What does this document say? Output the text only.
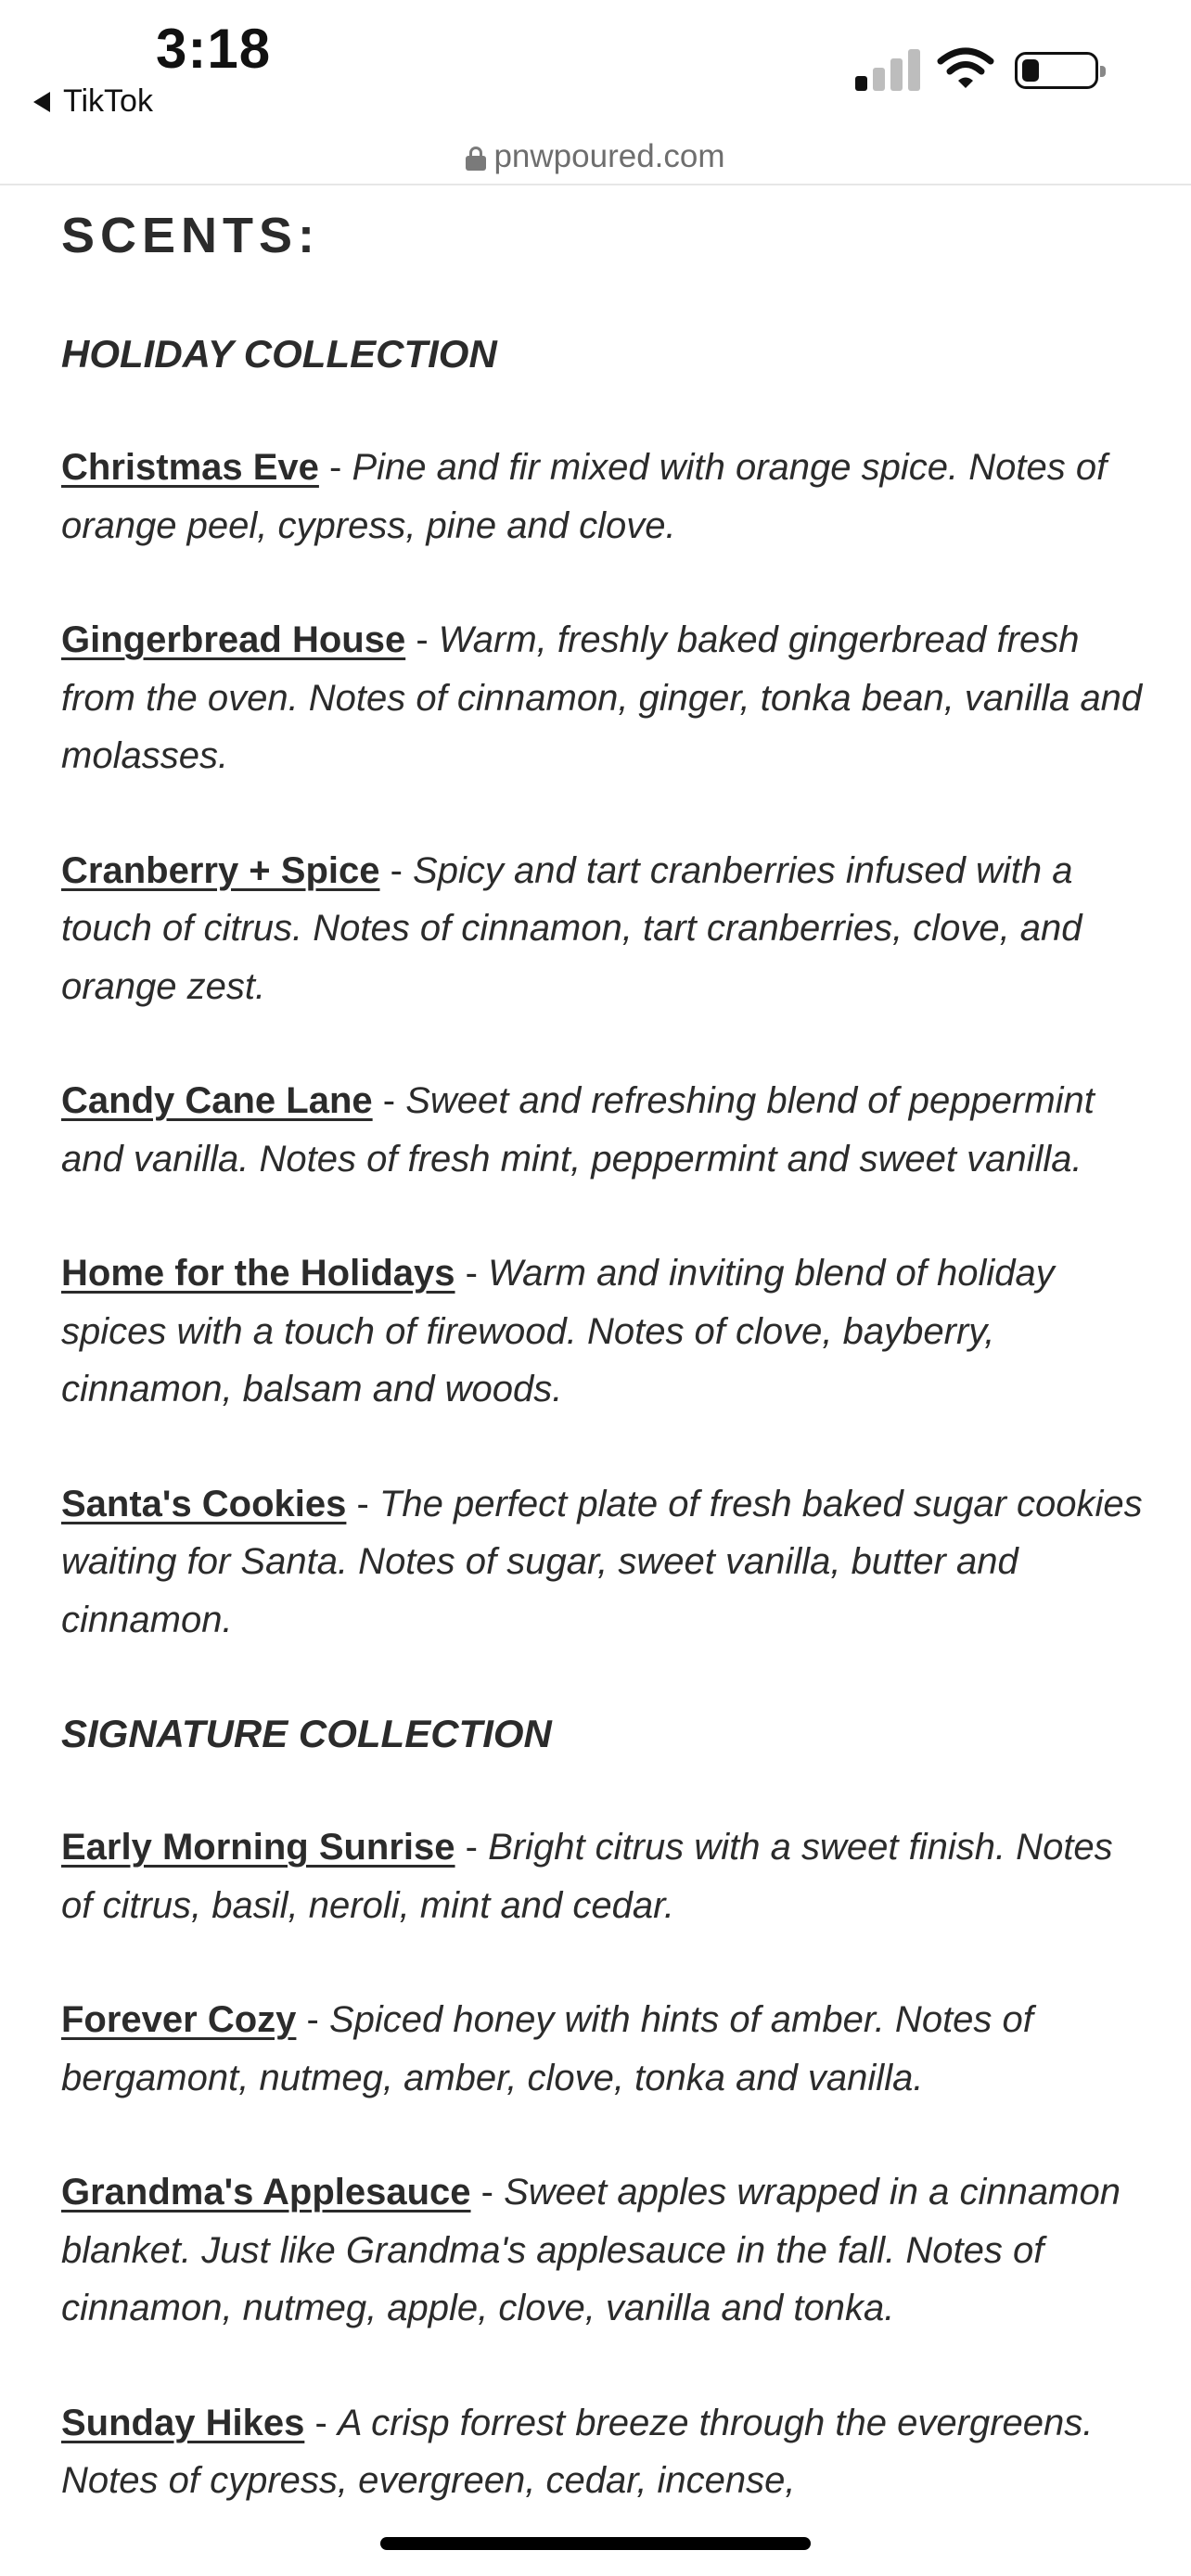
3:18
TikTok
pnwpoured.com
SCENTS:
HOLIDAY COLLECTION
Christmas Eve - Pine and fir mixed with orange spice. Notes of orange peel, cypress, pine and clove.
Gingerbread House - Warm, freshly baked gingerbread fresh from the oven. Notes of cinnamon, ginger, tonka bean, vanilla and molasses.
Cranberry + Spice - Spicy and tart cranberries infused with a touch of citrus. Notes of cinnamon, tart cranberries, clove, and orange zest.
Candy Cane Lane - Sweet and refreshing blend of peppermint and vanilla. Notes of fresh mint, peppermint and sweet vanilla.
Home for the Holidays - Warm and inviting blend of holiday spices with a touch of firewood. Notes of clove, bayberry, cinnamon, balsam and woods.
Santa's Cookies - The perfect plate of fresh baked sugar cookies waiting for Santa. Notes of sugar, sweet vanilla, butter and cinnamon.
SIGNATURE COLLECTION
Early Morning Sunrise - Bright citrus with a sweet finish. Notes of citrus, basil, neroli, mint and cedar.
Forever Cozy - Spiced honey with hints of amber. Notes of bergamont, nutmeg, amber, clove, tonka and vanilla.
Grandma's Applesauce - Sweet apples wrapped in a cinnamon blanket. Just like Grandma's applesauce in the fall. Notes of cinnamon, nutmeg, apple, clove, vanilla and tonka.
Sunday Hikes - A crisp forrest breeze through the evergreens. Notes of cypress, evergreen, cedar, incense,
